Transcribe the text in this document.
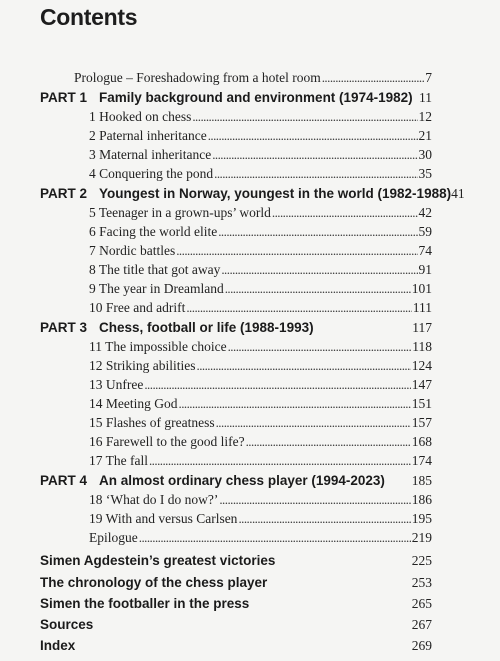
Contents
Prologue – Foreshadowing from a hotel room . . .	7
PART 1 Family background and environment (1974-1982) 11
1 Hooked on chess . . .	12
2 Paternal inheritance . . .	21
3 Maternal inheritance . . .	30
4 Conquering the pond . . .	35
PART 2 Youngest in Norway, youngest in the world (1982-1988) 41
5 Teenager in a grown-ups’ world . . .	42
6 Facing the world elite . . .	59
7 Nordic battles . . .	74
8 The title that got away . . .	91
9 The year in Dreamland . . .	101
10 Free and adrift . . .	111
PART 3 Chess, football or life (1988-1993)	117
11 The impossible choice . . .	118
12 Striking abilities . . .	124
13 Unfree . . .	147
14 Meeting God . . .	151
15 Flashes of greatness . . .	157
16 Farewell to the good life? . . .	168
17 The fall . . .	174
PART 4 An almost ordinary chess player (1994-2023) 185
18 ‘What do I do now?’ . . .	186
19 With and versus Carlsen . . .	195
Epilogue . . .	219
Simen Agdestein’s greatest victories	225
The chronology of the chess player	253
Simen the footballer in the press	265
Sources	267
Index	269
